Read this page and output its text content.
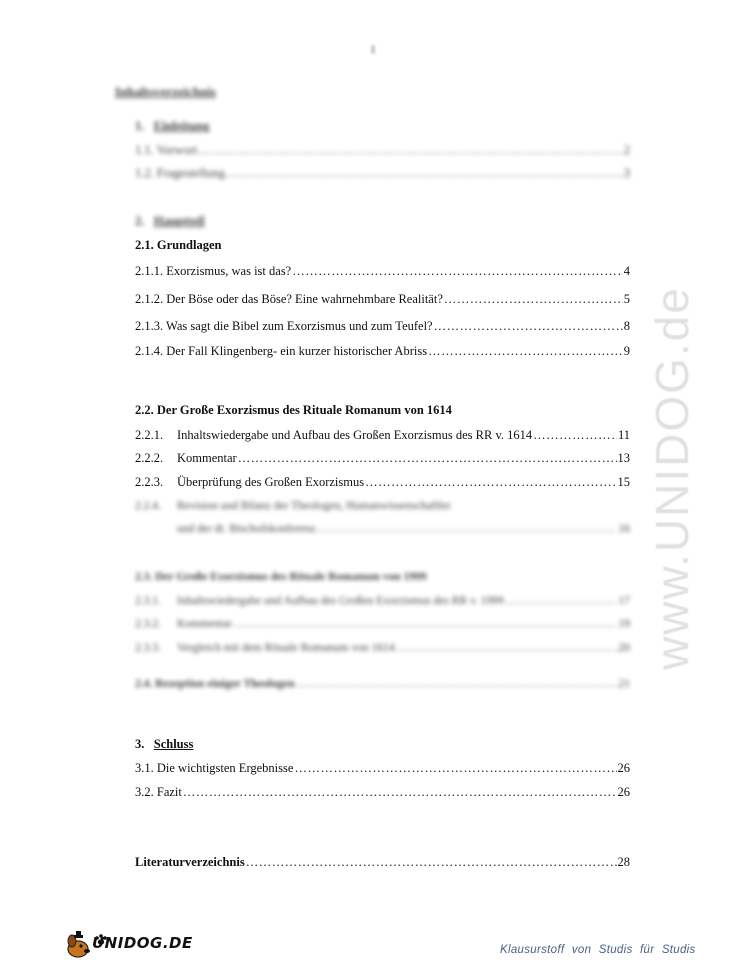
1
Inhaltsverzeichnis
1. Einleitung
1.1. Vorwort ………………………………………………………………………………………………………………………………………………………………………………	2
1.2. Fragestellung ………………………………………………………………………………………………………………………………………………………………………………	3
2. Hauptteil
2.1. Grundlagen
2.1.1. Exorzismus, was ist das? ………………………………………………………………………………………………………………………………………………………………………………	4
2.1.2. Der Böse oder das Böse? Eine wahrnehmbare Realität? ………………………………………………………………………………………………………………………………………………………………………………	5
2.1.3. Was sagt die Bibel zum Exorzismus und zum Teufel? ………………………………………………………………………………………………………………………………………………………………………………	8
2.1.4. Der Fall Klingenberg- ein kurzer historischer Abriss ………………………………………………………………………………………………………………………………………………………………………………	9
2.2. Der Große Exorzismus des Rituale Romanum von 1614
2.2.1. Inhaltswiedergabe und Aufbau des Großen Exorzismus des RR v. 1614 ………………………………………………………………………………………………………………………………………………………………………………	11
2.2.2. Kommentar ………………………………………………………………………………………………………………………………………………………………………………	13
2.2.3. Überprüfung des Großen Exorzismus ………………………………………………………………………………………………………………………………………………………………………………	15
2.2.4. Revision und Bilanz der Theologen, Humanwissenschaftler
und der dt. Bischofskonferenz ………………………………………………………………………………………………………………………………………………………………………………	16
2.3. Der Große Exorzismus des Rituale Romanum von 1999
2.3.1. Inhaltswiedergabe und Aufbau des Großen Exorzismus des RR v. 1999 ………………………………………………………………………………………………………………………………………………………………………………	17
2.3.2. Kommentar ………………………………………………………………………………………………………………………………………………………………………………	19
2.3.3. Vergleich mit dem Rituale Romanum von 1614 ………………………………………………………………………………………………………………………………………………………………………………	20
2.4. Rezeption einiger Theologen ………………………………………………………………………………………………………………………………………………………………………………	21
3. Schluss
3.1. Die wichtigsten Ergebnisse ………………………………………………………………………………………………………………………………………………………………………………	26
3.2. Fazit ………………………………………………………………………………………………………………………………………………………………………………	26
Literaturverzeichnis ………………………………………………………………………………………………………………………………………………………………………………	28
www.UNIDOG.de
UNIDOG.DE	Klausurstoff von Studis für Studis
